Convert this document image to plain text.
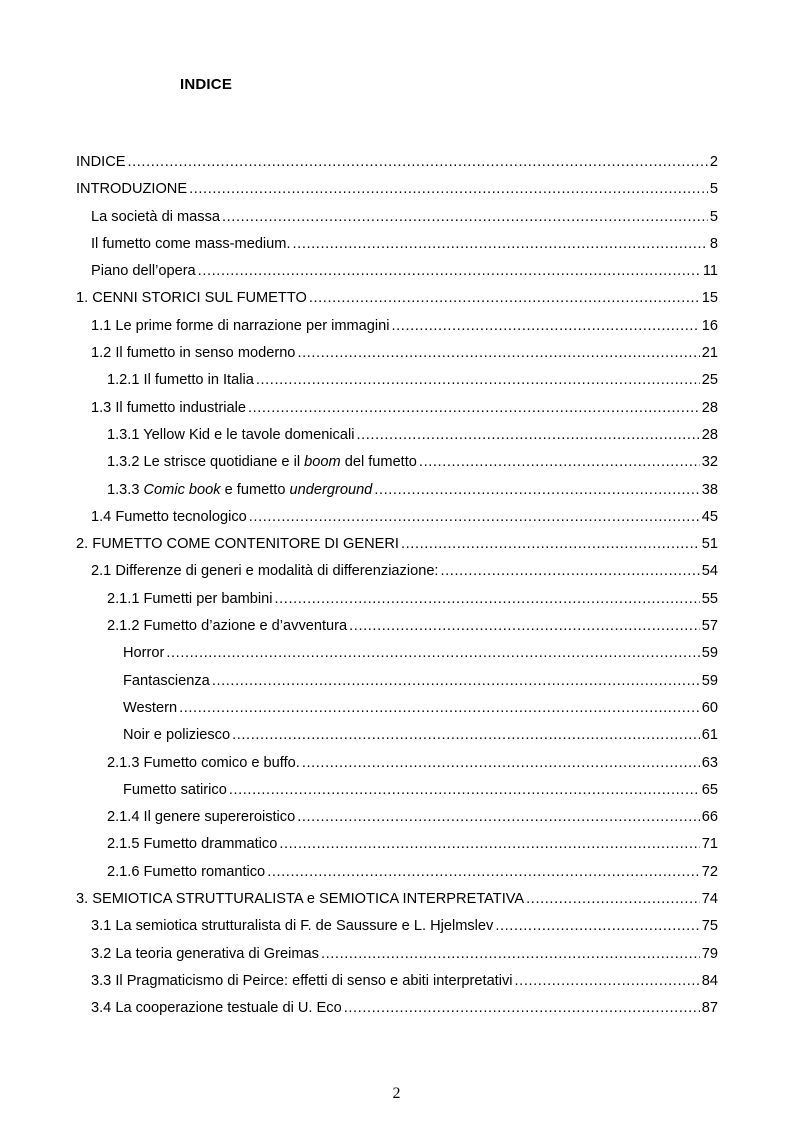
INDICE
INDICE .....	2
INTRODUZIONE .....	5
La società di massa .....	5
Il fumetto come mass-medium. .....	8
Piano dell’opera .....	11
1. CENNI STORICI SUL FUMETTO .....	15
1.1 Le prime forme di narrazione per immagini .....	16
1.2 Il fumetto in senso moderno .....	21
1.2.1 Il fumetto in Italia .....	25
1.3 Il fumetto industriale .....	28
1.3.1 Yellow Kid e le tavole domenicali .....	28
1.3.2 Le strisce quotidiane e il boom del fumetto .....	32
1.3.3 Comic book e fumetto underground .....	38
1.4 Fumetto tecnologico .....	45
2. FUMETTO COME CONTENITORE DI GENERI .....	51
2.1 Differenze di generi e modalità di differenziazione: .....	54
2.1.1 Fumetti per bambini .....	55
2.1.2 Fumetto d’azione e d’avventura .....	57
Horror .....	59
Fantascienza .....	59
Western .....	60
Noir e poliziesco .....	61
2.1.3 Fumetto comico e buffo. .....	63
Fumetto satirico .....	65
2.1.4 Il genere supereroistico .....	66
2.1.5 Fumetto drammatico .....	71
2.1.6 Fumetto romantico .....	72
3. SEMIOTICA STRUTTURALISTA e SEMIOTICA INTERPRETATIVA .....	74
3.1 La semiotica strutturalista di F. de Saussure e L. Hjelmslev .....	75
3.2 La teoria generativa di Greimas .....	79
3.3 Il Pragmaticismo di Peirce: effetti di senso e abiti interpretativi .....	84
3.4 La cooperazione testuale di U. Eco .....	87
2
